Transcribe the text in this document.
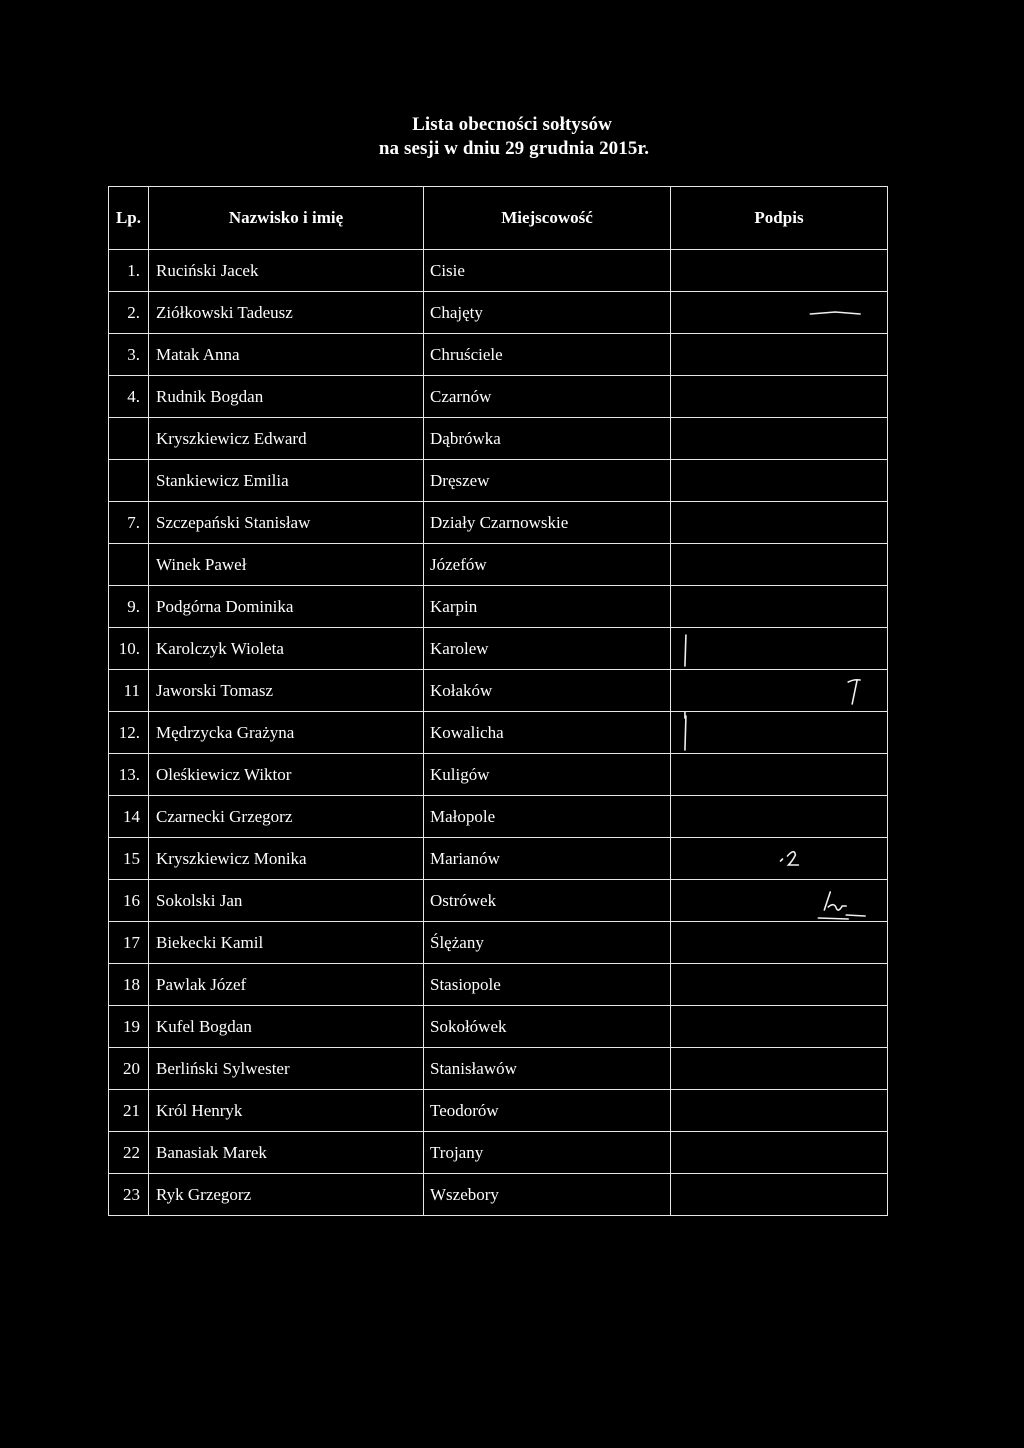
Lista obecności sołtysów
na sesji w dniu 29 grudnia 2015r.
Lp.	Nazwisko i imię	Miejscowość	Podpis
1.	Ruciński Jacek	Cisie	
2.	Ziółkowski Tadeusz	Chajęty	

3.	Matak Anna	Chruściele	
4.	Rudnik Bogdan	Czarnów	
	Kryszkiewicz Edward	Dąbrówka	
	Stankiewicz Emilia	Dręszew	
7.	Szczepański Stanisław	Działy Czarnowskie	
	Winek Paweł	Józefów	
9.	Podgórna Dominika	Karpin	
10.	Karolczyk Wioleta	Karolew	

11	Jaworski Tomasz	Kołaków	

12.	Mędrzycka Grażyna	Kowalicha	

13.	Oleśkiewicz Wiktor	Kuligów	
14	Czarnecki Grzegorz	Małopole	
15	Kryszkiewicz Monika	Marianów	

16	Sokolski Jan	Ostrówek	

17	Biekecki Kamil	Ślężany	
18	Pawlak Józef	Stasiopole	
19	Kufel Bogdan	Sokołówek	
20	Berliński Sylwester	Stanisławów	
21	Król Henryk	Teodorów	
22	Banasiak Marek	Trojany	
23	Ryk Grzegorz	Wszebory	
